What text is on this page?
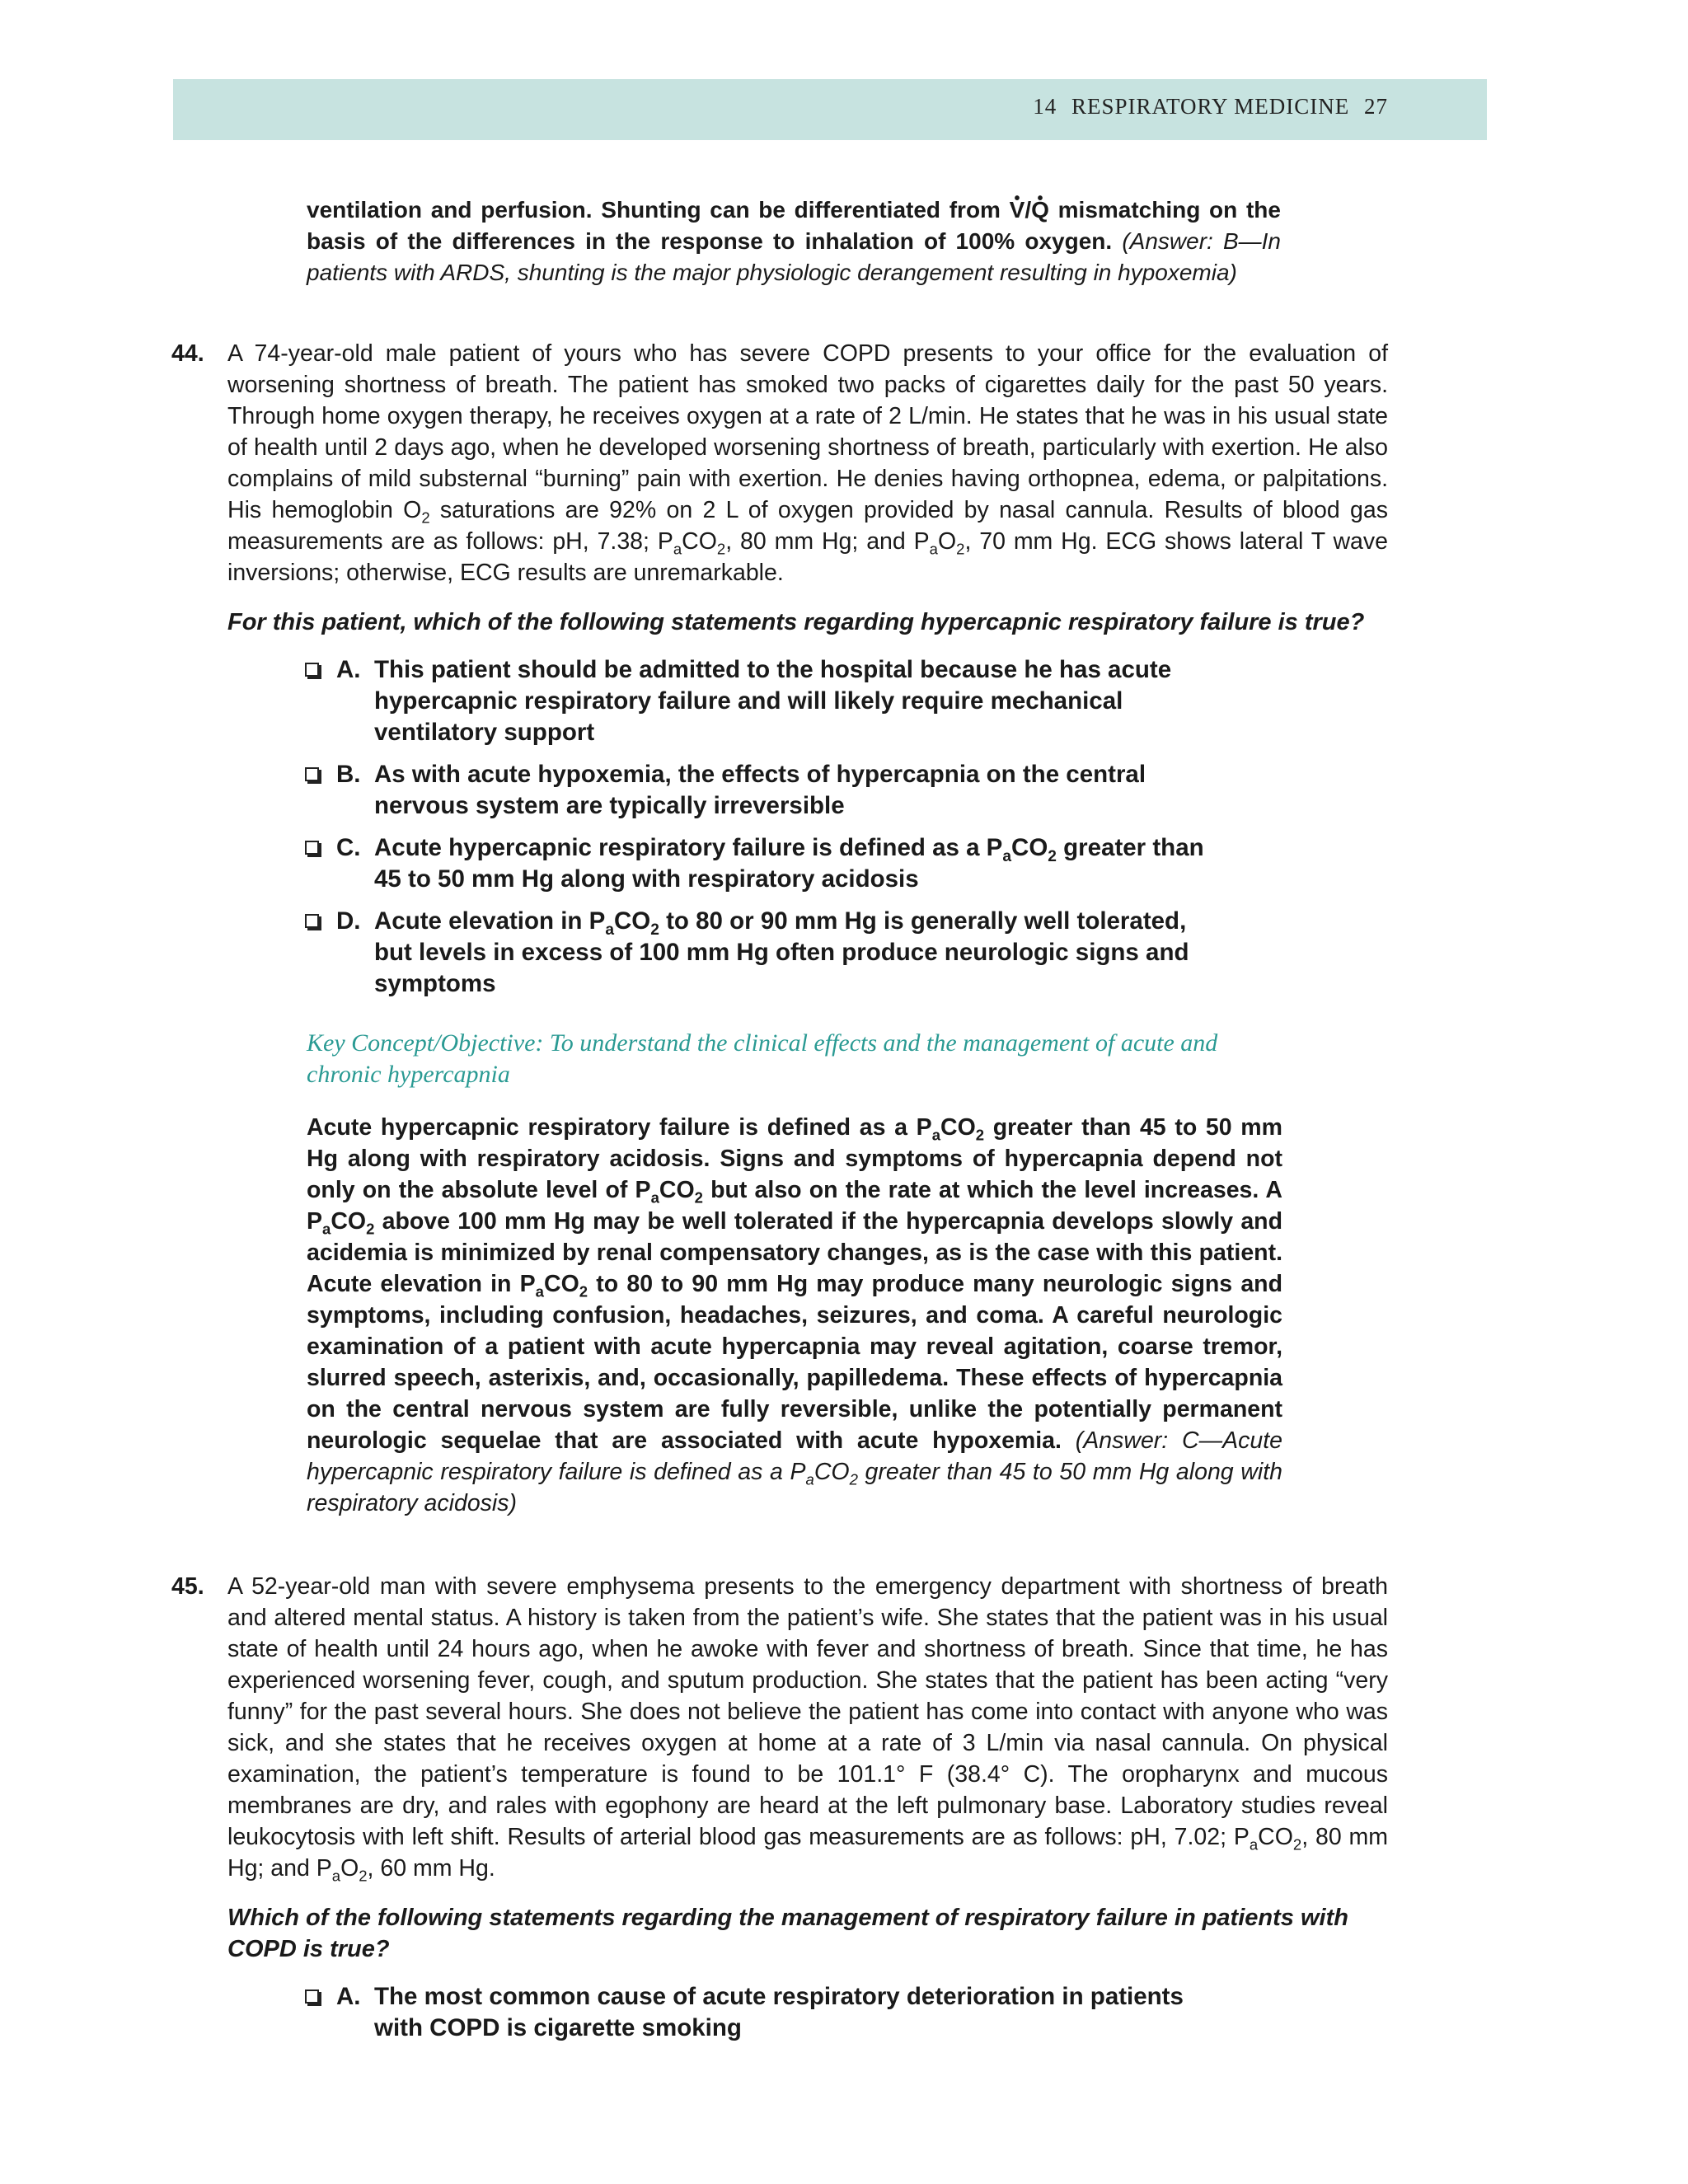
14 RESPIRATORY MEDICINE 27
ventilation and perfusion. Shunting can be differentiated from • V/• Q mismatching on the basis of the differences in the response to inhalation of 100% oxygen. (Answer: B—In patients with ARDS, shunting is the major physiologic derangement resulting in hypoxemia)
44. A 74-year-old male patient of yours who has severe COPD presents to your office for the evaluation of worsening shortness of breath. The patient has smoked two packs of cigarettes daily for the past 50 years. Through home oxygen therapy, he receives oxygen at a rate of 2 L/min. He states that he was in his usual state of health until 2 days ago, when he developed worsening shortness of breath, particularly with exertion. He also complains of mild substernal “burning” pain with exertion. He denies having orthopnea, edema, or palpitations. His hemoglobin $O_2$ saturations are 92% on 2 L of oxygen provided by nasal cannula. Results of blood gas measurements are as follows: pH, 7.38; $P_aCO_2$, 80 mm Hg; and $P_aO_2$, 70 mm Hg. ECG shows lateral T wave inversions; otherwise, ECG results are unremarkable.
For this patient, which of the following statements regarding hypercapnic respiratory failure is true?
A. This patient should be admitted to the hospital because he has acute hypercapnic respiratory failure and will likely require mechanical ventilatory support
B. As with acute hypoxemia, the effects of hypercapnia on the central nervous system are typically irreversible
C. Acute hypercapnic respiratory failure is defined as a $P_aCO_2$ greater than 45 to 50 mm Hg along with respiratory acidosis
D. Acute elevation in $P_aCO_2$ to 80 or 90 mm Hg is generally well tolerated, but levels in excess of 100 mm Hg often produce neurologic signs and symptoms
Key Concept/Objective: To understand the clinical effects and the management of acute and chronic hypercapnia
Acute hypercapnic respiratory failure is defined as a $P_aCO_2$ greater than 45 to 50 mm Hg along with respiratory acidosis. Signs and symptoms of hypercapnia depend not only on the absolute level of $P_aCO_2$ but also on the rate at which the level increases. A $P_aCO_2$ above 100 mm Hg may be well tolerated if the hypercapnia develops slowly and acidemia is minimized by renal compensatory changes, as is the case with this patient. Acute elevation in $P_aCO_2$ to 80 to 90 mm Hg may produce many neurologic signs and symptoms, including confusion, headaches, seizures, and coma. A careful neurologic examination of a patient with acute hypercapnia may reveal agitation, coarse tremor, slurred speech, asterixis, and, occasionally, papilledema. These effects of hypercapnia on the central nervous system are fully reversible, unlike the potentially permanent neurologic sequelae that are associated with acute hypoxemia. (Answer: C—Acute hypercapnic respiratory failure is defined as a $P_aCO_2$ greater than 45 to 50 mm Hg along with respiratory acidosis)
45. A 52-year-old man with severe emphysema presents to the emergency department with shortness of breath and altered mental status. A history is taken from the patient’s wife. She states that the patient was in his usual state of health until 24 hours ago, when he awoke with fever and shortness of breath. Since that time, he has experienced worsening fever, cough, and sputum production. She states that the patient has been acting “very funny” for the past several hours. She does not believe the patient has come into contact with anyone who was sick, and she states that he receives oxygen at home at a rate of 3 L/min via nasal cannula. On physical examination, the patient’s temperature is found to be 101.1° F (38.4° C). The oropharynx and mucous membranes are dry, and rales with egophony are heard at the left pulmonary base. Laboratory studies reveal leukocytosis with left shift. Results of arterial blood gas measurements are as follows: pH, 7.02; $P_aCO_2$, 80 mm Hg; and $P_aO_2$, 60 mm Hg.
Which of the following statements regarding the management of respiratory failure in patients with COPD is true?
A. The most common cause of acute respiratory deterioration in patients with COPD is cigarette smoking
